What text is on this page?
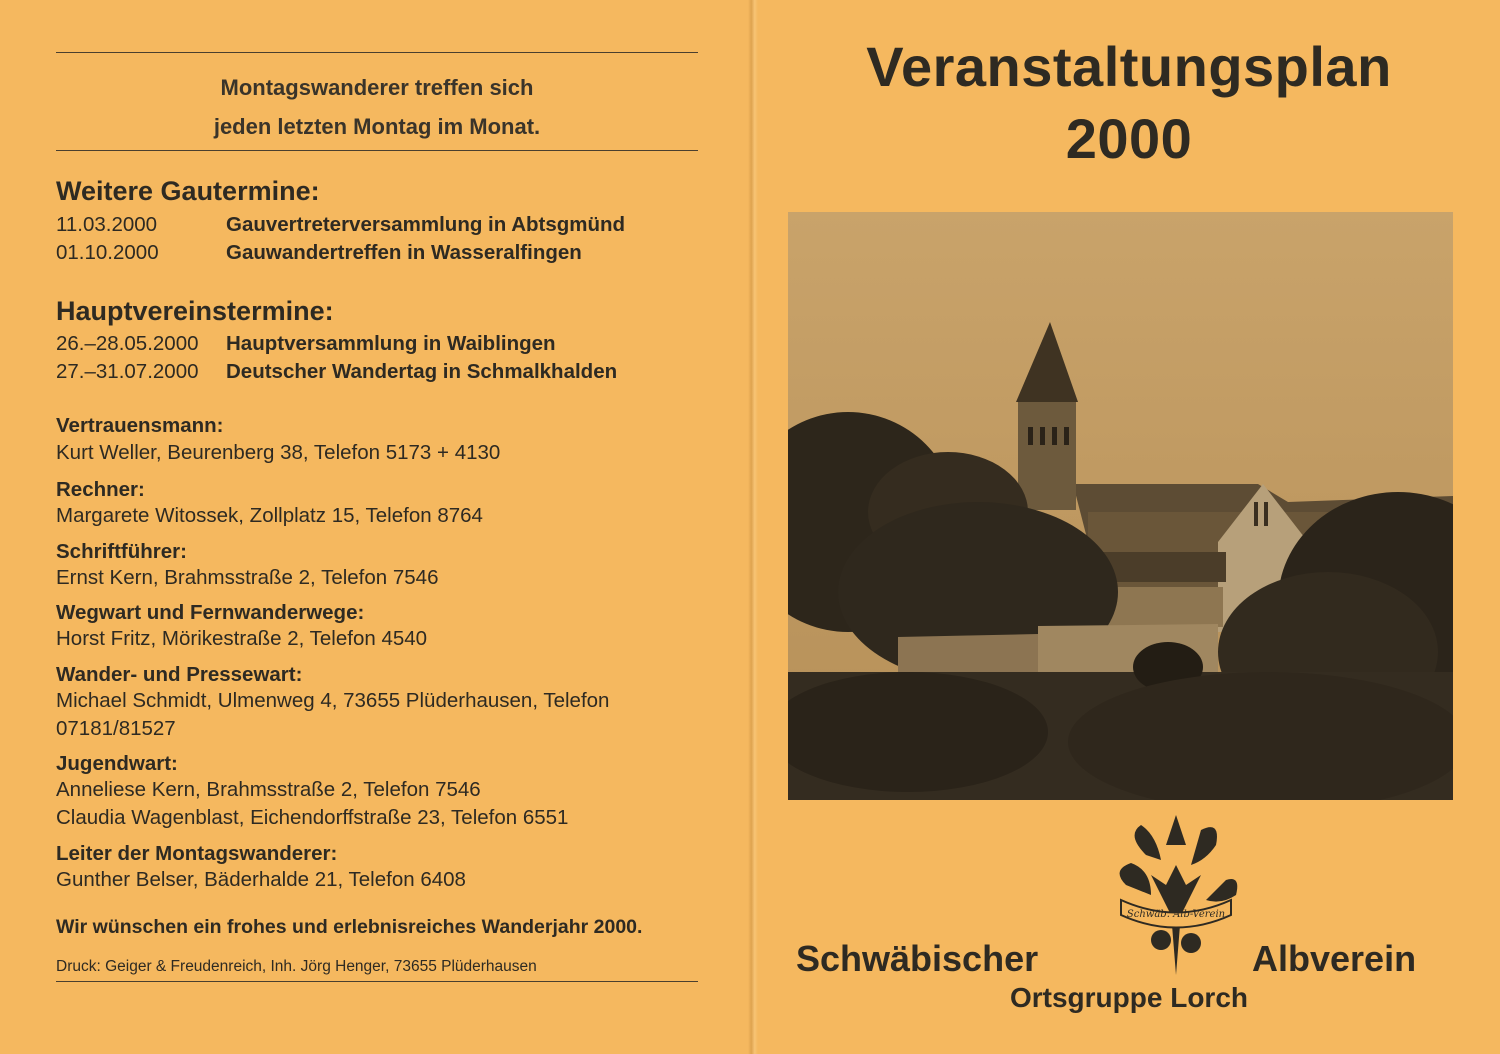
Montagswanderer treffen sich
jeden letzten Montag im Monat.
Weitere Gautermine:
11.03.2000	Gauvertreterversammlung in Abtsgmünd
01.10.2000	Gauwandertreffen in Wasseralfingen
Hauptvereinstermine:
26.–28.05.2000 Hauptversammlung in Waiblingen
27.–31.07.2000 Deutscher Wandertag in Schmalkhalden
Vertrauensmann:
Kurt Weller, Beurenberg 38, Telefon 5173 + 4130
Rechner:
Margarete Witossek, Zollplatz 15, Telefon 8764
Schriftführer:
Ernst Kern, Brahmsstraße 2, Telefon 7546
Wegwart und Fernwanderwege:
Horst Fritz, Mörikestraße 2, Telefon 4540
Wander- und Pressewart:
Michael Schmidt, Ulmenweg 4, 73655 Plüderhausen, Telefon
07181/81527
Jugendwart:
Anneliese Kern, Brahmsstraße 2, Telefon 7546
Claudia Wagenblast, Eichendorffstraße 23, Telefon 6551
Leiter der Montagswanderer:
Gunther Belser, Bäderhalde 21, Telefon 6408
Wir wünschen ein frohes und erlebnisreiches Wanderjahr 2000.
Druck: Geiger & Freudenreich, Inh. Jörg Henger, 73655 Plüderhausen
Veranstaltungsplan
2000
Schwäb. Alb-Verein
Schwäbischer	Albverein
Ortsgruppe Lorch
